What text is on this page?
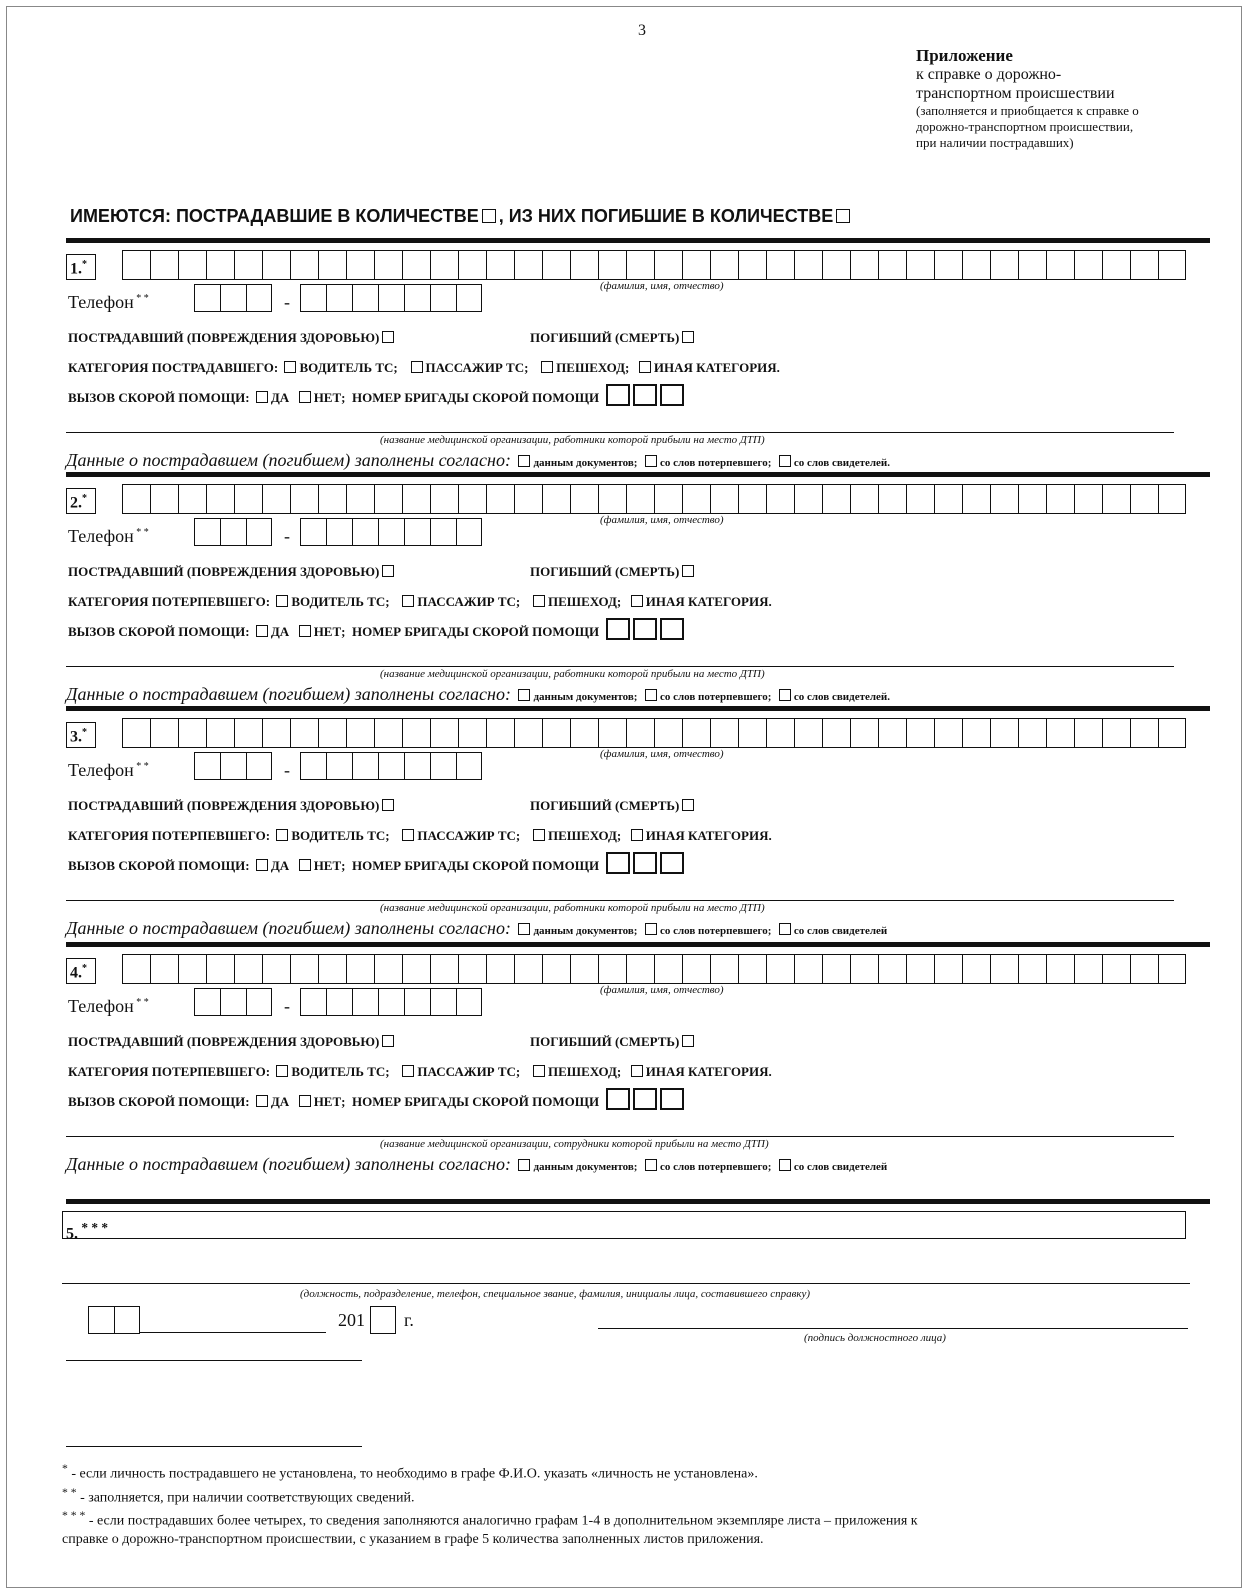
3
Приложение
к справке о дорожно-
транспортном происшествии
(заполняется и приобщается к справке о
дорожно-транспортном происшествии,
при наличии пострадавших)
ИМЕЮТСЯ: ПОСТРАДАВШИЕ В КОЛИЧЕСТВЕ , ИЗ НИХ ПОГИБШИЕ В КОЛИЧЕСТВЕ
1.*
(фамилия, имя, отчество)
Телефон * *	-
ПОСТРАДАВШИЙ (ПОВРЕЖДЕНИЯ ЗДОРОВЬЮ)	ПОГИБШИЙ (СМЕРТЬ)
КАТЕГОРИЯ ПОСТРАДАВШЕГО: ВОДИТЕЛЬ ТС; ПАССАЖИР ТС; ПЕШЕХОД; ИНАЯ КАТЕГОРИЯ.
ВЫЗОВ СКОРОЙ ПОМОЩИ: ДА НЕТ; НОМЕР БРИГАДЫ СКОРОЙ ПОМОЩИ
(название медицинской организации, работники которой прибыли на место ДТП)
Данные о пострадавшем (погибшем) заполнены согласно: данным документов; со слов потерпевшего; со слов свидетелей.
2.*
(фамилия, имя, отчество)
Телефон * *	-
ПОСТРАДАВШИЙ (ПОВРЕЖДЕНИЯ ЗДОРОВЬЮ)	ПОГИБШИЙ (СМЕРТЬ)
КАТЕГОРИЯ ПОТЕРПЕВШЕГО: ВОДИТЕЛЬ ТС; ПАССАЖИР ТС; ПЕШЕХОД; ИНАЯ КАТЕГОРИЯ.
ВЫЗОВ СКОРОЙ ПОМОЩИ: ДА НЕТ; НОМЕР БРИГАДЫ СКОРОЙ ПОМОЩИ
(название медицинской организации, работники которой прибыли на место ДТП)
Данные о пострадавшем (погибшем) заполнены согласно: данным документов; со слов потерпевшего; со слов свидетелей.
3.*
(фамилия, имя, отчество)
Телефон * *	-
ПОСТРАДАВШИЙ (ПОВРЕЖДЕНИЯ ЗДОРОВЬЮ)	ПОГИБШИЙ (СМЕРТЬ)
КАТЕГОРИЯ ПОТЕРПЕВШЕГО: ВОДИТЕЛЬ ТС; ПАССАЖИР ТС; ПЕШЕХОД; ИНАЯ КАТЕГОРИЯ.
ВЫЗОВ СКОРОЙ ПОМОЩИ: ДА НЕТ; НОМЕР БРИГАДЫ СКОРОЙ ПОМОЩИ
(название медицинской организации, работники которой прибыли на место ДТП)
Данные о пострадавшем (погибшем) заполнены согласно: данным документов; со слов потерпевшего; со слов свидетелей
4.*
(фамилия, имя, отчество)
Телефон * *	-
ПОСТРАДАВШИЙ (ПОВРЕЖДЕНИЯ ЗДОРОВЬЮ)	ПОГИБШИЙ (СМЕРТЬ)
КАТЕГОРИЯ ПОТЕРПЕВШЕГО: ВОДИТЕЛЬ ТС; ПАССАЖИР ТС; ПЕШЕХОД; ИНАЯ КАТЕГОРИЯ.
ВЫЗОВ СКОРОЙ ПОМОЩИ: ДА НЕТ; НОМЕР БРИГАДЫ СКОРОЙ ПОМОЩИ
(название медицинской организации, сотрудники которой прибыли на место ДТП)
Данные о пострадавшем (погибшем) заполнены согласно: данным документов; со слов потерпевшего; со слов свидетелей
5. * * *
(должность, подразделение, телефон, специальное звание, фамилия, инициалы лица, составившего справку)
201 г.
(подпись должностного лица)
* - если личность пострадавшего не установлена, то необходимо в графе Ф.И.О. указать «личность не установлена».
* * - заполняется, при наличии соответствующих сведений.
* * * - если пострадавших более четырех, то сведения заполняются аналогично графам 1-4 в дополнительном экземпляре листа – приложения к
справке о дорожно-транспортном происшествии, с указанием в графе 5 количества заполненных листов приложения.
